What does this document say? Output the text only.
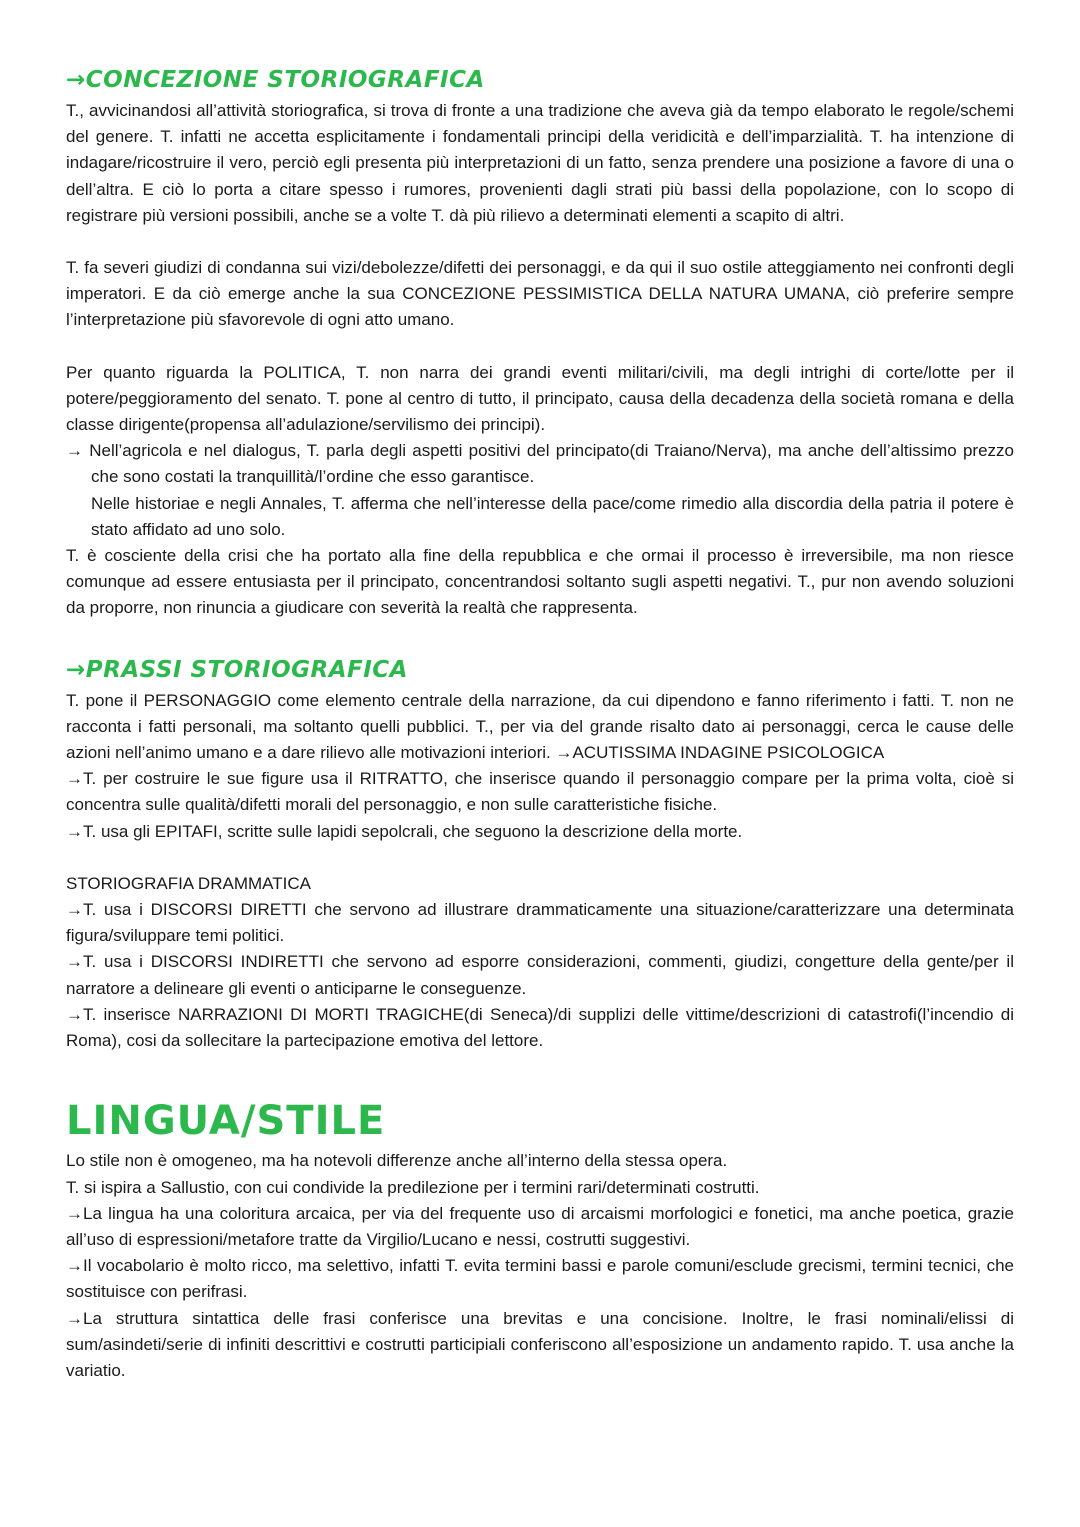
→CONCEZIONE STORIOGRAFICA

T., avvicinandosi all’attività storiografica, si trova di fronte a una tradizione che aveva già da tempo elaborato le regole/schemi del genere. T. infatti ne accetta esplicitamente i fondamentali principi della veridicità e dell’imparzialità. T. ha intenzione di indagare/ricostruire il vero, perciò egli presenta più interpretazioni di un fatto, senza prendere una posizione a favore di una o dell’altra. E ciò lo porta a citare spesso i rumores, provenienti dagli strati più bassi della popolazione, con lo scopo di registrare più versioni possibili, anche se a volte T. dà più rilievo a determinati elementi a scapito di altri.

T. fa severi giudizi di condanna sui vizi/debolezze/difetti dei personaggi, e da qui il suo ostile atteggiamento nei confronti degli imperatori. E da ciò emerge anche la sua CONCEZIONE PESSIMISTICA DELLA NATURA UMANA, ciò preferire sempre l’interpretazione più sfavorevole di ogni atto umano.

Per quanto riguarda la POLITICA, T. non narra dei grandi eventi militari/civili, ma degli intrighi di corte/lotte per il potere/peggioramento del senato. T. pone al centro di tutto, il principato, causa della decadenza della società romana e della classe dirigente(propensa all’adulazione/servilismo dei principi).

→ Nell’agricola e nel dialogus, T. parla degli aspetti positivi del principato(di Traiano/Nerva), ma anche dell’altissimo prezzo che sono costati la tranquillità/l’ordine che esso garantisce.

Nelle historiae e negli Annales, T. afferma che nell’interesse della pace/come rimedio alla discordia della patria il potere è stato affidato ad uno solo.

T. è cosciente della crisi che ha portato alla fine della repubblica e che ormai il processo è irreversibile, ma non riesce comunque ad essere entusiasta per il principato, concentrandosi soltanto sugli aspetti negativi. T., pur non avendo soluzioni da proporre, non rinuncia a giudicare con severità la realtà che rappresenta.

→PRASSI STORIOGRAFICA

T. pone il PERSONAGGIO come elemento centrale della narrazione, da cui dipendono e fanno riferimento i fatti. T. non ne racconta i fatti personali, ma soltanto quelli pubblici. T., per via del grande risalto dato ai personaggi, cerca le cause delle azioni nell’animo umano e a dare rilievo alle motivazioni interiori. →ACUTISSIMA INDAGINE PSICOLOGICA

→T. per costruire le sue figure usa il RITRATTO, che inserisce quando il personaggio compare per la prima volta, cioè si concentra sulle qualità/difetti morali del personaggio, e non sulle caratteristiche fisiche.

→T. usa gli EPITAFI, scritte sulle lapidi sepolcrali, che seguono la descrizione della morte.

STORIOGRAFIA DRAMMATICA

→T. usa i DISCORSI DIRETTI che servono ad illustrare drammaticamente una situazione/caratterizzare una determinata figura/sviluppare temi politici.

→T. usa i DISCORSI INDIRETTI che servono ad esporre considerazioni, commenti, giudizi, congetture della gente/per il narratore a delineare gli eventi o anticiparne le conseguenze.

→T. inserisce NARRAZIONI DI MORTI TRAGICHE(di Seneca)/di supplizi delle vittime/descrizioni di catastrofi(l’incendio di Roma), cosi da sollecitare la partecipazione emotiva del lettore.

LINGUA/STILE

Lo stile non è omogeneo, ma ha notevoli differenze anche all’interno della stessa opera.

T. si ispira a Sallustio, con cui condivide la predilezione per i termini rari/determinati costrutti.

→La lingua ha una coloritura arcaica, per via del frequente uso di arcaismi morfologici e fonetici, ma anche poetica, grazie all’uso di espressioni/metafore tratte da Virgilio/Lucano e nessi, costrutti suggestivi.

→Il vocabolario è molto ricco, ma selettivo, infatti T. evita termini bassi e parole comuni/esclude grecismi, termini tecnici, che sostituisce con perifrasi.

→La struttura sintattica delle frasi conferisce una brevitas e una concisione. Inoltre, le frasi nominali/elissi di sum/asindeti/serie di infiniti descrittivi e costrutti participiali conferiscono all’esposizione un andamento rapido. T. usa anche la variatio.
